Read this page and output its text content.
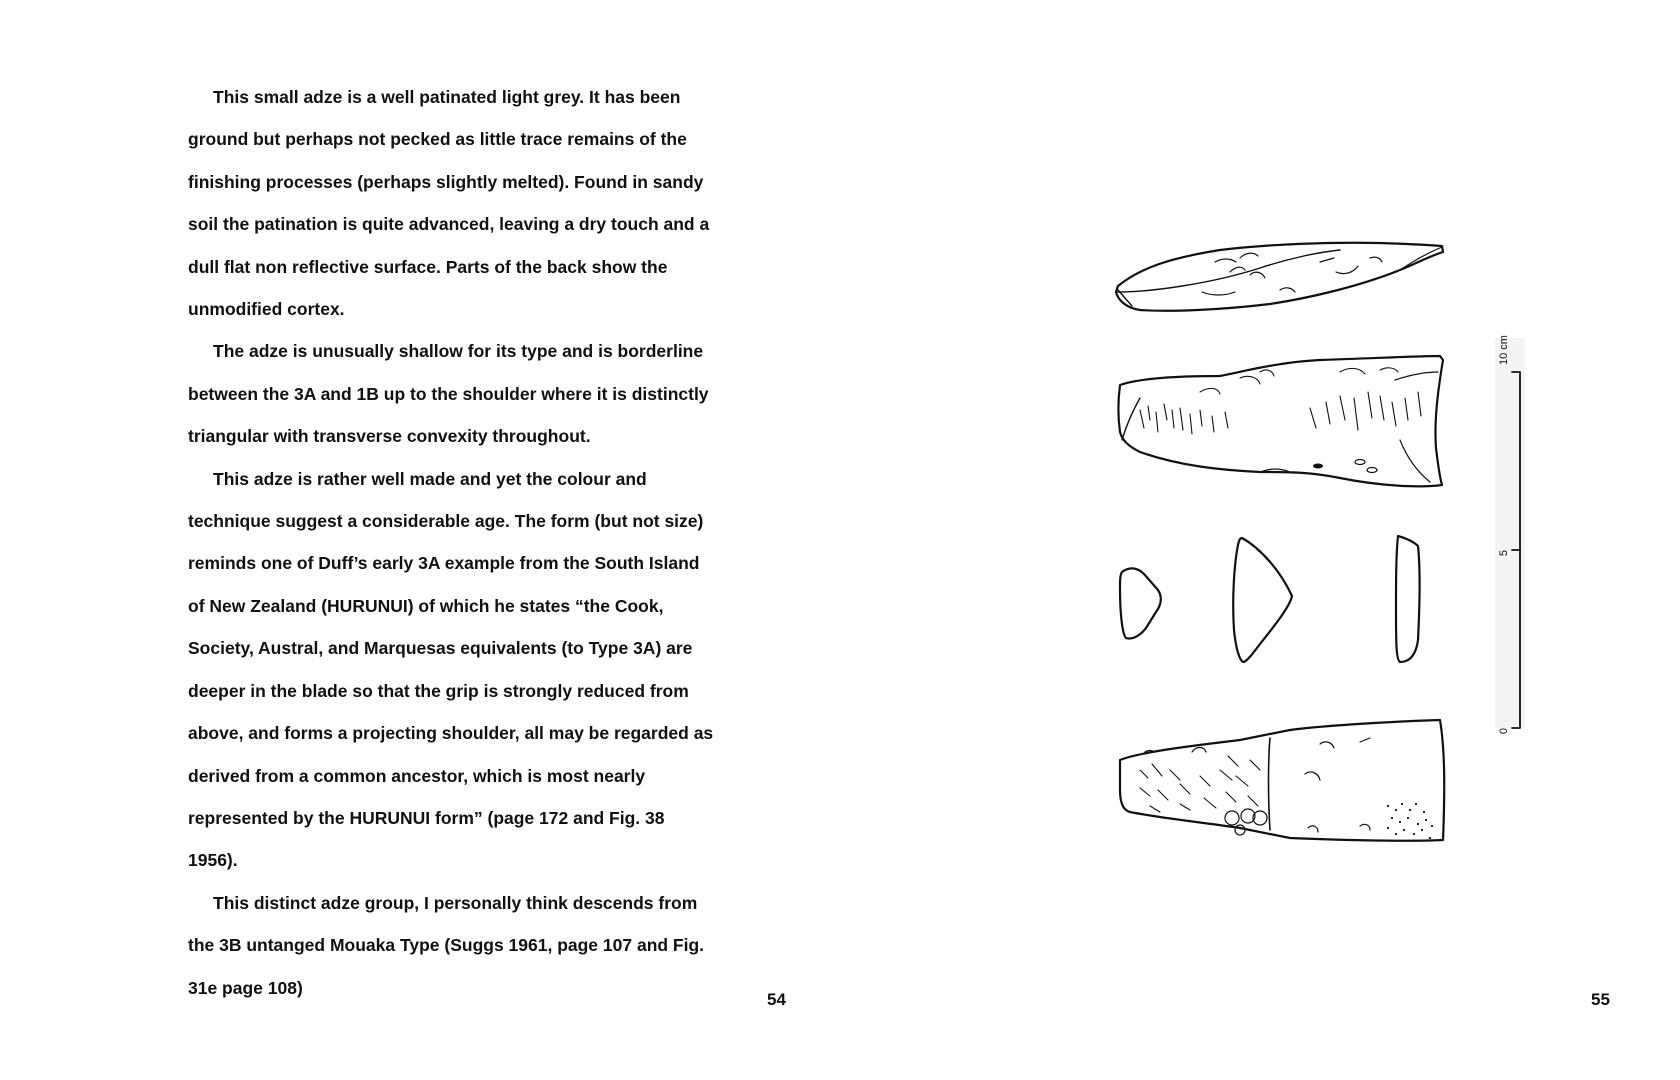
This small adze is a well patinated light grey. It has been ground but perhaps not pecked as little trace remains of the finishing processes (perhaps slightly melted). Found in sandy soil the patination is quite advanced, leaving a dry touch and a dull flat non reflective surface. Parts of the back show the unmodified cortex.

The adze is unusually shallow for its type and is borderline between the 3A and 1B up to the shoulder where it is distinctly triangular with transverse convexity throughout.

This adze is rather well made and yet the colour and technique suggest a considerable age. The form (but not size) reminds one of Duff’s early 3A example from the South Island of New Zealand (HURUNUI) of which he states “the Cook, Society, Austral, and Marquesas equivalents (to Type 3A) are deeper in the blade so that the grip is strongly reduced from above, and forms a projecting shoulder, all may be regarded as derived from a common ancestor, which is most nearly represented by the HURUNUI form” (page 172 and Fig. 38 1956).

This distinct adze group, I personally think descends from the 3B untanged Mouaka Type (Suggs 1961, page 107 and Fig. 31e page 108)

54
10 cm
5
0
55
